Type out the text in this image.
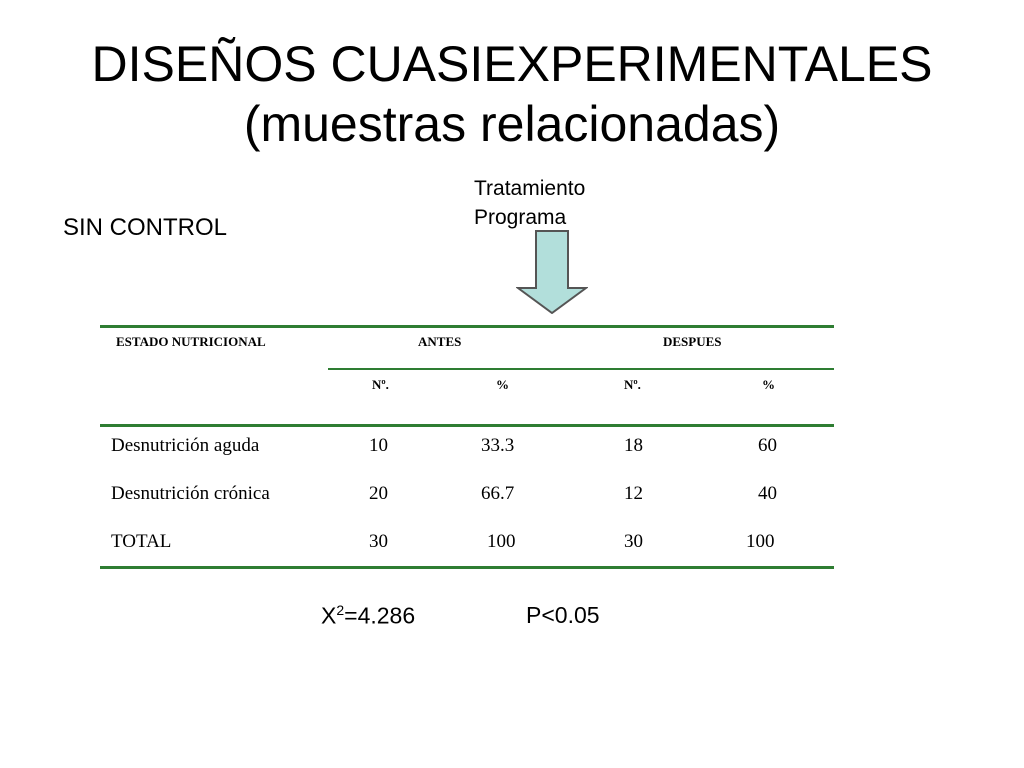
DISEÑOS CUASIEXPERIMENTALES
(muestras relacionadas)
SIN CONTROL
Tratamiento
Programa
ESTADO NUTRICIONAL	ANTES	DESPUES
Nº.	%	Nº.	%
Desnutrición aguda	10	33.3	18	60
Desnutrición crónica	20	66.7	12	40
TOTAL	30	100	30	100
$X^2=4.286$	P<0.05
